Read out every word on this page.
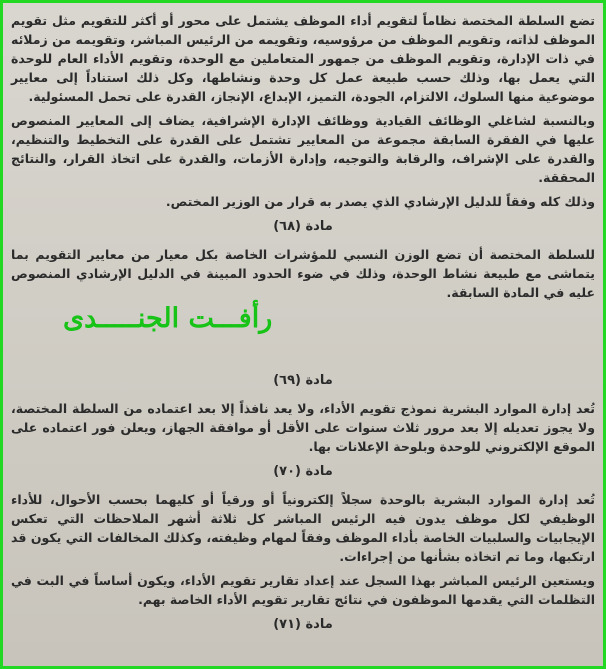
تضع السلطة المختصة نظاماً لتقويم أداء الموظف يشتمل على محور أو أكثر للتقويم مثل تقويم الموظف لذاته، وتقويم الموظف من مرؤوسيه، وتقويمه من الرئيس المباشر، وتقويمه من زملائه في ذات الإدارة، وتقويم الموظف من جمهور المتعاملين مع الوحدة، وتقويم الأداء العام للوحدة التي يعمل بها، وذلك حسب طبيعة عمل كل وحدة ونشاطها، وكل ذلك استناداً إلى معايير موضوعية منها السلوك، الالتزام، الجودة، التميز، الإبداع، الإنجاز، القدرة على تحمل المسئولية.

وبالنسبة لشاغلي الوظائف القيادية ووظائف الإدارة الإشرافية، يضاف إلى المعايير المنصوص عليها في الفقرة السابقة مجموعة من المعايير تشتمل على القدرة على التخطيط والتنظيم، والقدرة على الإشراف، والرقابة والتوجيه، وإدارة الأزمات، والقدرة على اتخاذ القرار، والنتائج المحققة.

وذلك كله وفقاً للدليل الإرشادي الذي يصدر به قرار من الوزير المختص.

مادة (٦٨)

للسلطة المختصة أن تضع الوزن النسبي للمؤشرات الخاصة بكل معيار من معايير التقويم بما يتماشى مع طبيعة نشاط الوحدة، وذلك في ضوء الحدود المبينة في الدليل الإرشادي المنصوص عليه في المادة السابقة.

مادة (٦٩)

تُعد إدارة الموارد البشرية نموذج تقويم الأداء، ولا يعد نافذاً إلا بعد اعتماده من السلطة المختصة، ولا يجوز تعديله إلا بعد مرور ثلاث سنوات على الأقل أو موافقة الجهاز، ويعلن فور اعتماده على الموقع الإلكتروني للوحدة وبلوحة الإعلانات بها.

مادة (٧٠)

تُعد إدارة الموارد البشرية بالوحدة سجلاً إلكترونياً أو ورقياً أو كليهما بحسب الأحوال، للأداء الوظيفي لكل موظف يدون فيه الرئيس المباشر كل ثلاثة أشهر الملاحظات التي تعكس الإيجابيات والسلبيات الخاصة بأداء الموظف وفقاً لمهام وظيفته، وكذلك المخالفات التي يكون قد ارتكبها، وما تم اتخاذه بشأنها من إجراءات.

ويستعين الرئيس المباشر بهذا السجل عند إعداد تقارير تقويم الأداء، ويكون أساساً في البت في التظلمات التي يقدمها الموظفون في نتائج تقارير تقويم الأداء الخاصة بهم.

مادة (٧١)
رأفـــت الجنـــــدى
